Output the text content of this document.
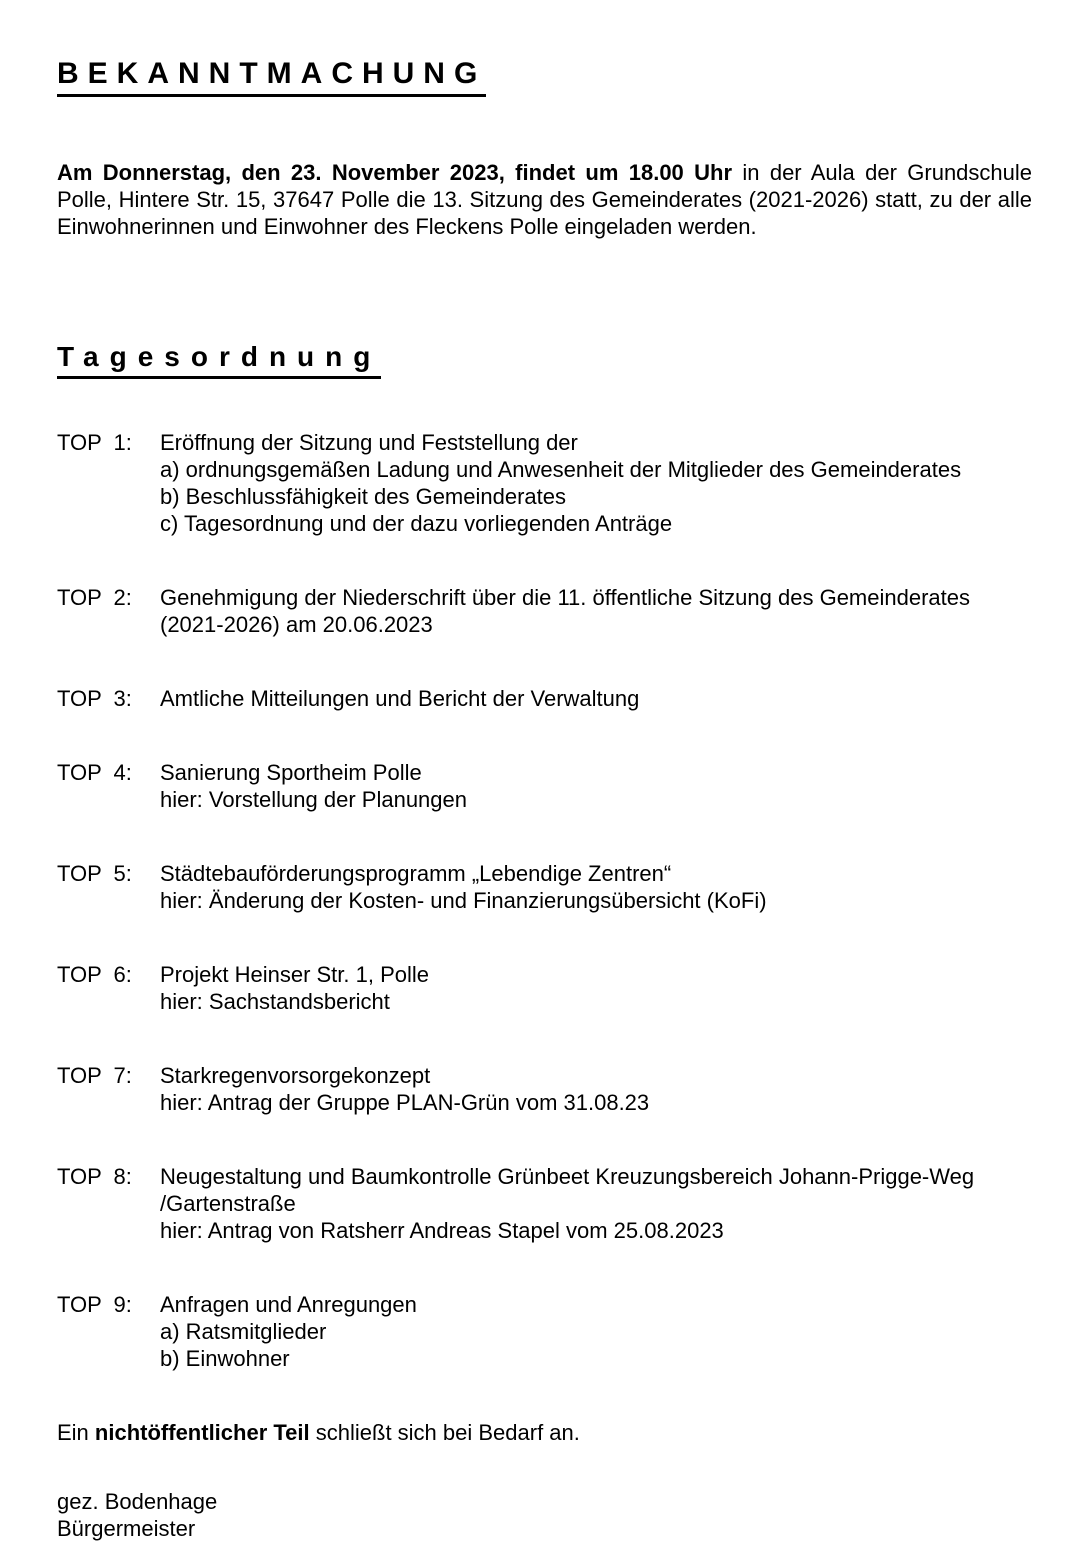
BEKANNTMACHUNG

Am Donnerstag, den 23. November 2023, findet um 18.00 Uhr in der Aula der Grundschule Polle, Hintere Str. 15, 37647 Polle die 13. Sitzung des Gemeinderates (2021-2026) statt, zu der alle Einwohnerinnen und Einwohner des Fleckens Polle eingeladen werden.

Tagesordnung
TOP 1:	Eröffnung der Sitzung und Feststellung der
a) ordnungsgemäßen Ladung und Anwesenheit der Mitglieder des Gemeinderates
b) Beschlussfähigkeit des Gemeinderates
c) Tagesordnung und der dazu vorliegenden Anträge
TOP 2:	Genehmigung der Niederschrift über die 11. öffentliche Sitzung des Gemeinderates
(2021-2026) am 20.06.2023
TOP 3:	Amtliche Mitteilungen und Bericht der Verwaltung
TOP 4:	Sanierung Sportheim Polle
hier: Vorstellung der Planungen
TOP 5:	Städtebauförderungsprogramm „Lebendige Zentren“
hier: Änderung der Kosten- und Finanzierungsübersicht (KoFi)
TOP 6:	Projekt Heinser Str. 1, Polle
hier: Sachstandsbericht
TOP 7:	Starkregenvorsorgekonzept
hier: Antrag der Gruppe PLAN-Grün vom 31.08.23
TOP 8:	Neugestaltung und Baumkontrolle Grünbeet Kreuzungsbereich Johann-Prigge-Weg
/Gartenstraße
hier: Antrag von Ratsherr Andreas Stapel vom 25.08.2023
TOP 9:	Anfragen und Anregungen
a) Ratsmitglieder
b) Einwohner

Ein nichtöffentlicher Teil schließt sich bei Bedarf an.

gez. Bodenhage
Bürgermeister
